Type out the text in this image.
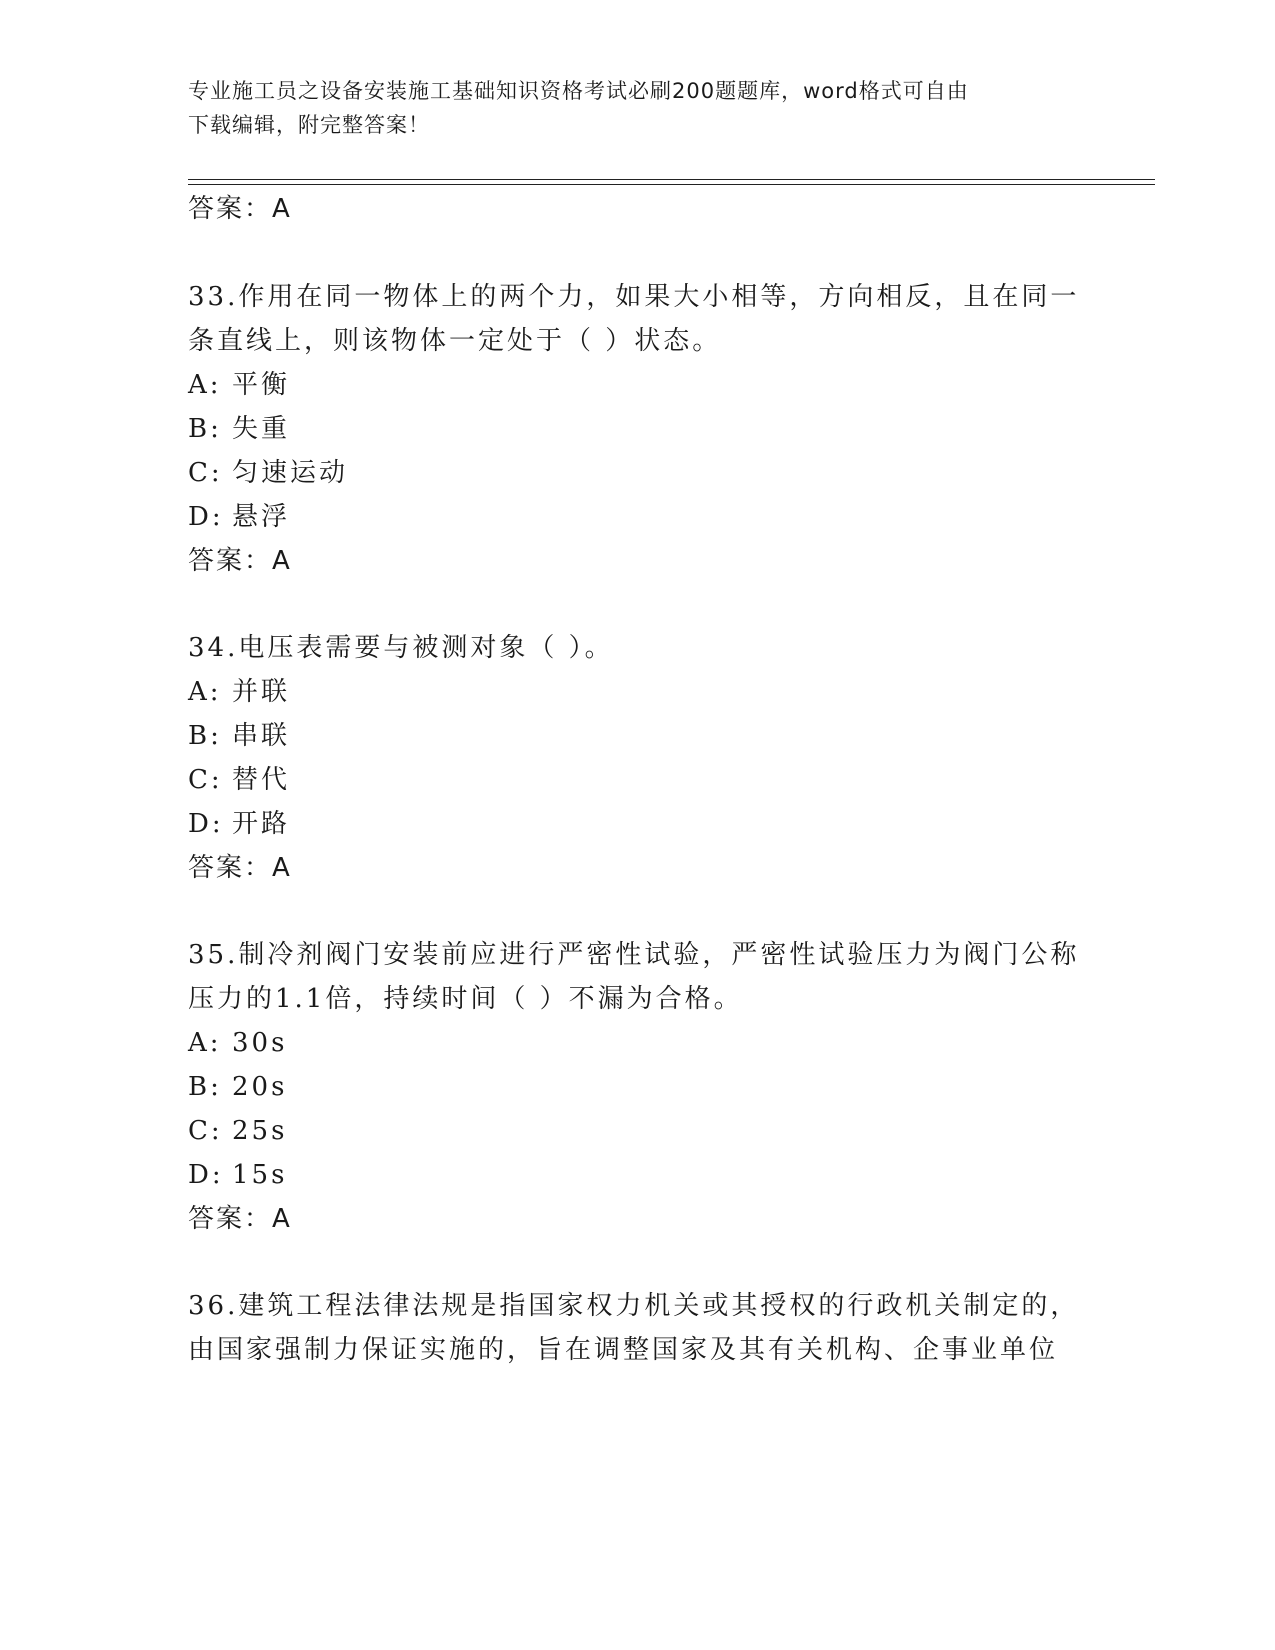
专业施工员之设备安装施工基础知识资格考试必刷200题题库，word格式可自由
下载编辑，附完整答案！
答案：A
33.作用在同一物体上的两个力，如果大小相等，方向相反，且在同一
条直线上，则该物体一定处于（ ）状态。
A: 平衡
B: 失重
C: 匀速运动
D: 悬浮
答案：A
34.电压表需要与被测对象（ ）。
A: 并联
B: 串联
C: 替代
D: 开路
答案：A
35.制冷剂阀门安装前应进行严密性试验，严密性试验压力为阀门公称
压力的1.1倍，持续时间（ ）不漏为合格。
A: 30s
B: 20s
C: 25s
D: 15s
答案：A
36.建筑工程法律法规是指国家权力机关或其授权的行政机关制定的，
由国家强制力保证实施的，旨在调整国家及其有关机构、企事业单位
